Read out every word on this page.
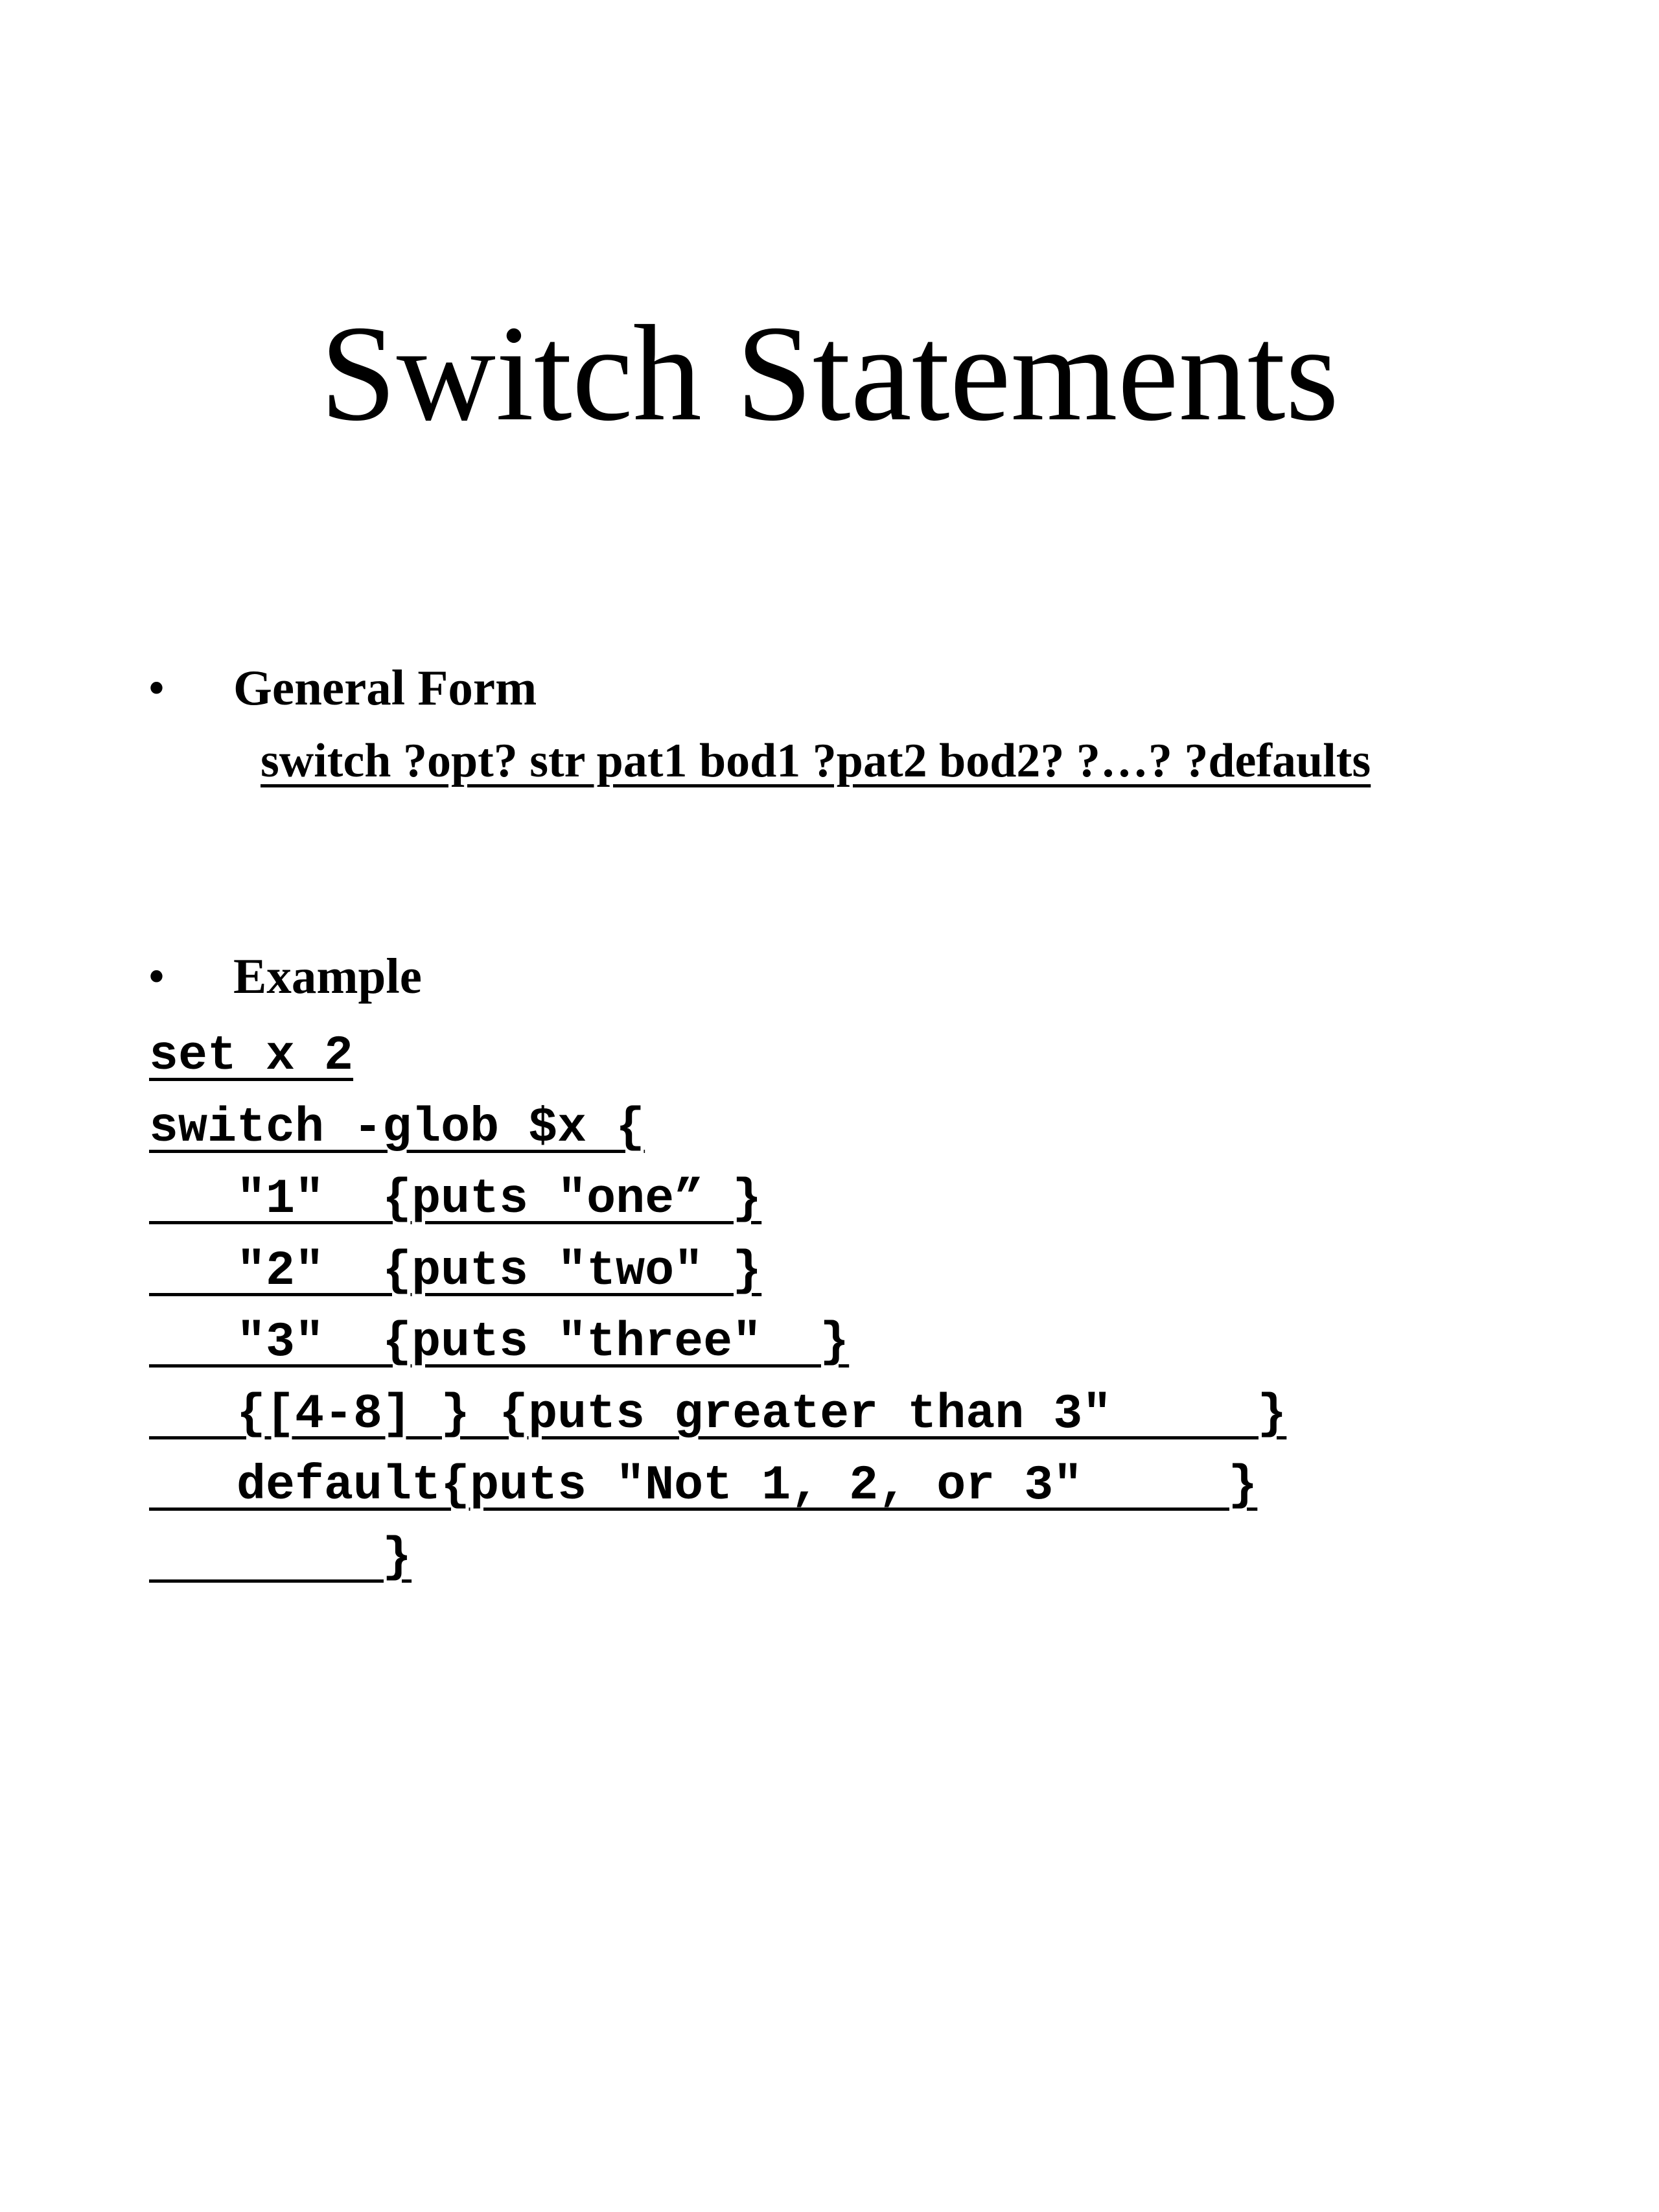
Switch Statements
• General Form
switch ?opt? str pat1 bod1 ?pat2 bod2? ?…? ?defaults
• Example
set x 2
switch -glob $x {
"1"  {puts "one” }
"2"  {puts "two" }
"3"  {puts "three"  }
{[4-8] } {puts greater than 3"     }
default{puts "Not 1, 2, or 3"     }
}
